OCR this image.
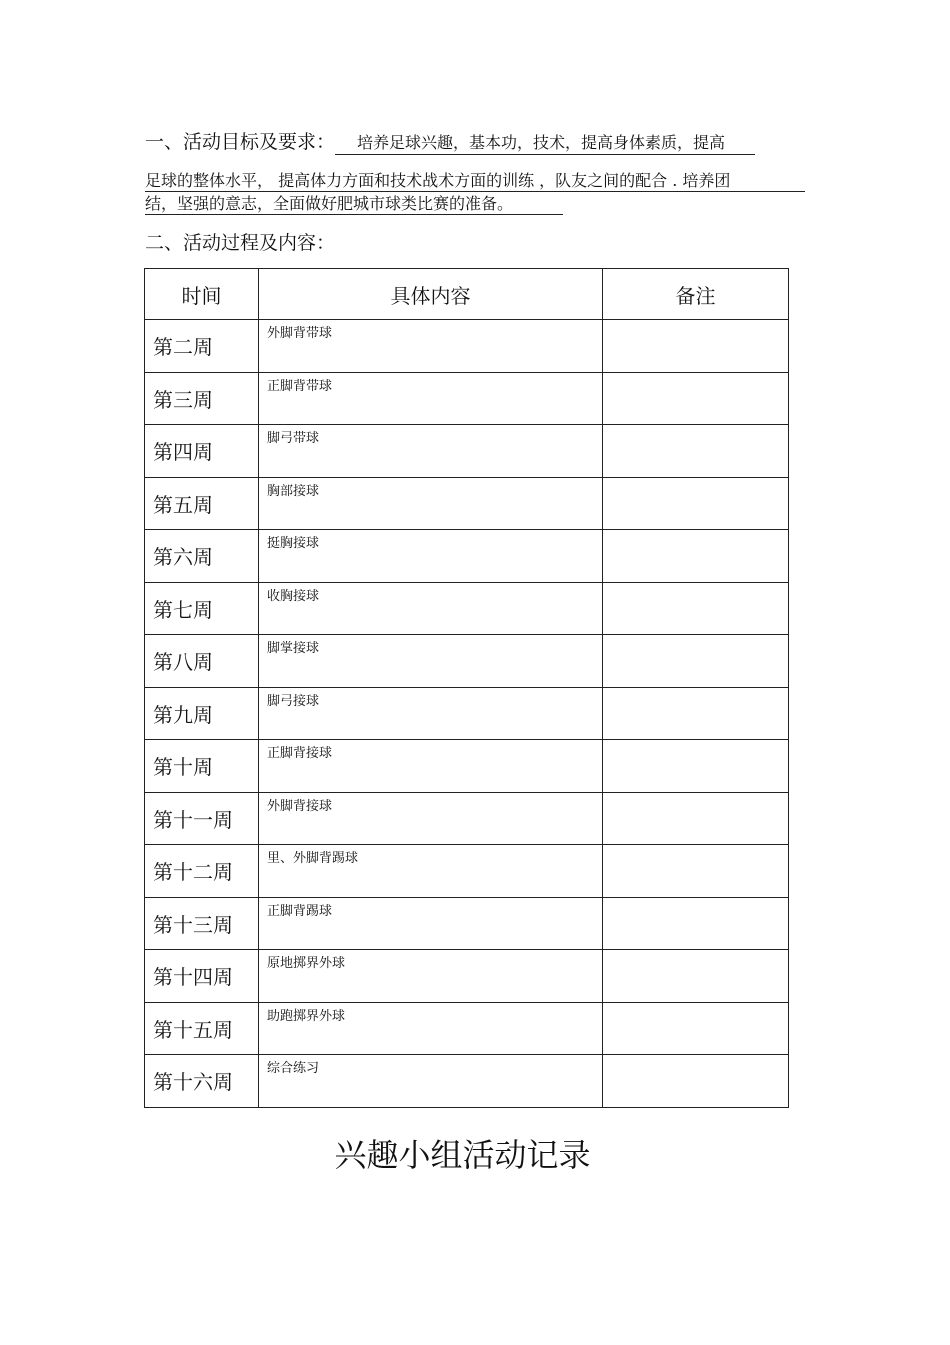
一、活动目标及要求： 培养足球兴趣，基本功，技术，提高身体素质，提高
足球的整体水平， 提高体力方面和技术战术方面的训练 ，队友之间的配合 . 培养团
结，坚强的意志，全面做好肥城市球类比赛的准备。
二、活动过程及内容：
时间	具体内容	备注
第二周	外脚背带球	
第三周	正脚背带球	
第四周	脚弓带球	
第五周	胸部接球	
第六周	挺胸接球	
第七周	收胸接球	
第八周	脚掌接球	
第九周	脚弓接球	
第十周	正脚背接球	
第十一周	外脚背接球	
第十二周	里、外脚背踢球	
第十三周	正脚背踢球	
第十四周	原地掷界外球	
第十五周	助跑掷界外球	
第十六周	综合练习	
兴趣小组活动记录
